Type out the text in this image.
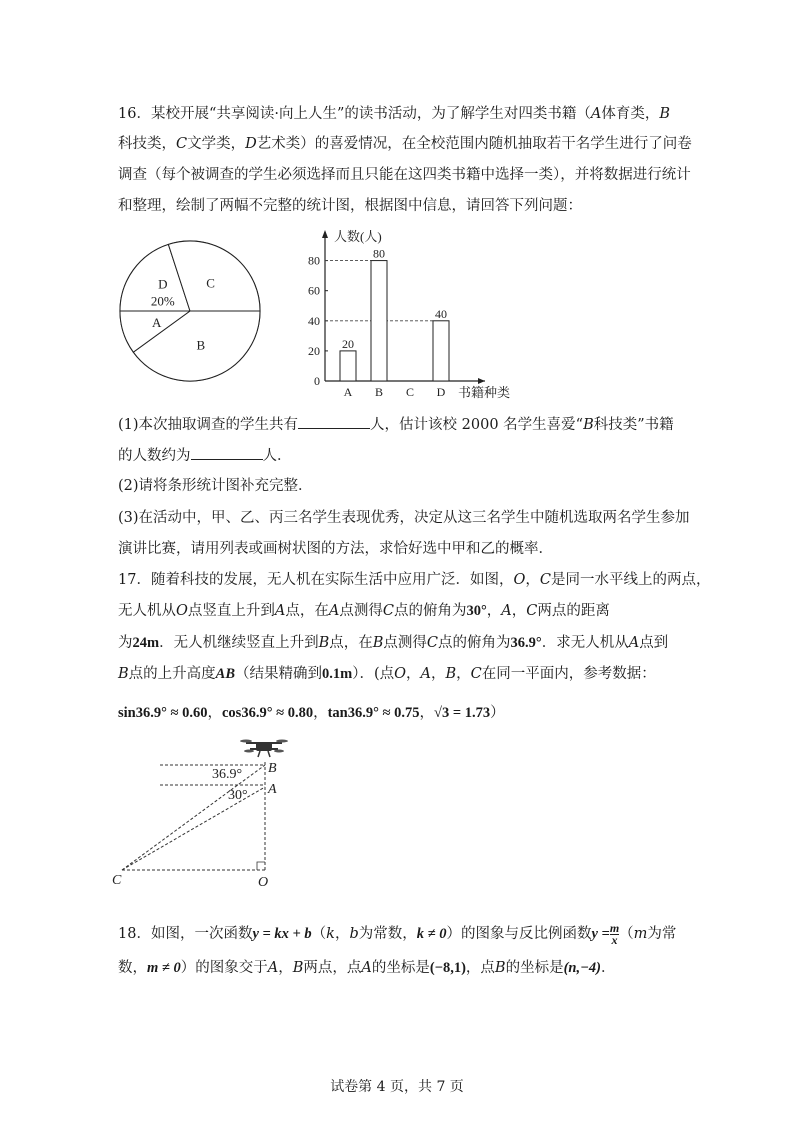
16．某校开展“共享阅读·向上人生”的读书活动，为了解学生对四类书籍（A体育类，B
科技类，C文学类，D艺术类）的喜爱情况，在全校范围内随机抽取若干名学生进行了问卷
调查（每个被调查的学生必须选择而且只能在这四类书籍中选择一类），并将数据进行统计
和整理，绘制了两幅不完整的统计图，根据图中信息，请回答下列问题：
D
20%
C
B
A
人数(人)
书籍种类
0
20
40
60
80
A
20
B
80
C D
40
(1)本次抽取调查的学生共有	人，估计该校 2000 名学生喜爱“B科技类”书籍
的人数约为	人．
(2)请将条形统计图补充完整．
(3)在活动中，甲、乙、丙三名学生表现优秀，决定从这三名学生中随机选取两名学生参加
演讲比赛，请用列表或画树状图的方法，求恰好选中甲和乙的概率．
17．随着科技的发展，无人机在实际生活中应用广泛．如图，O，C是同一水平线上的两点，
无人机从O点竖直上升到A点，在A点测得C点的俯角为30°，A，C两点的距离
为24m．无人机继续竖直上升到B点，在B点测得C点的俯角为36.9°．求无人机从A点到
B点的上升高度AB（结果精确到0.1m）．(点O，A，B，C在同一平面内，参考数据：
sin36.9° ≈ 0.60，cos36.9° ≈ 0.80，tan36.9° ≈ 0.75，√3 = 1.73）
B
A
C	O
36.9°
30°
18．如图，一次函数y = kx + b（k，b为常数，k ≠ 0）的图象与反比例函数$y = \frac{m}{x} (m$为常
数，m ≠ 0）的图象交于A，B两点，点A的坐标是(−8,1)，点B的坐标是(n,−4)．
试卷第 4 页，共 7 页
